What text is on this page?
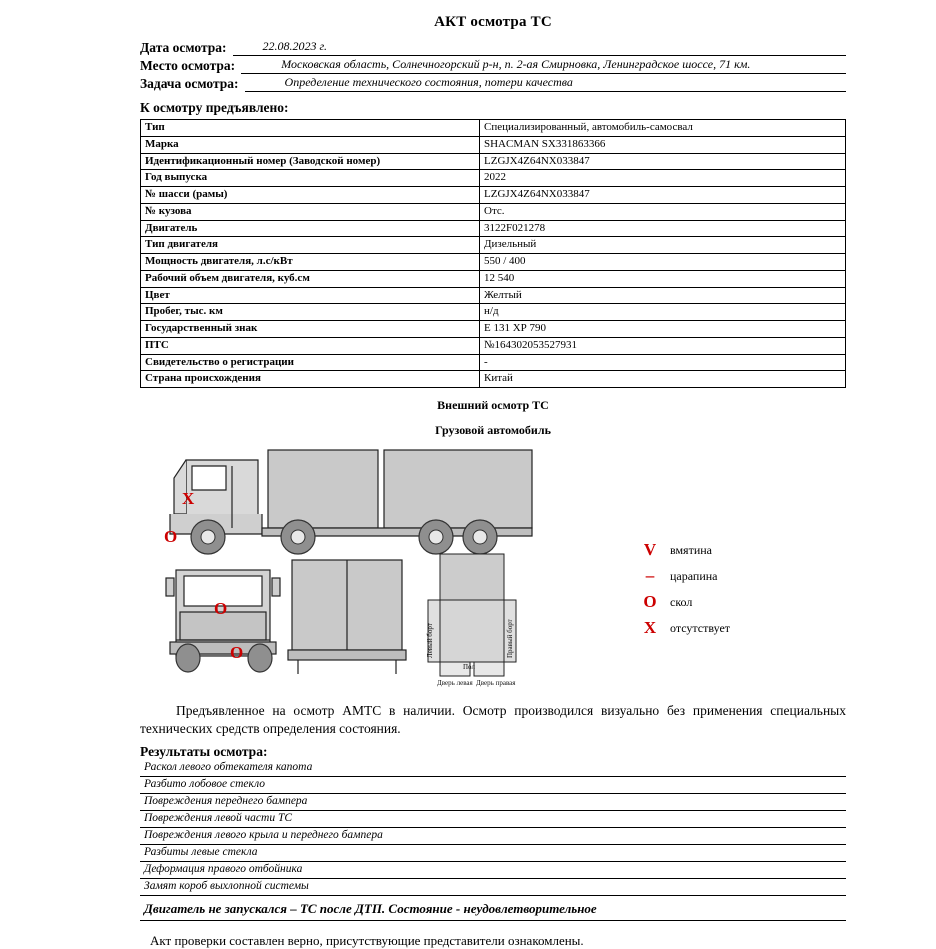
АКТ осмотра ТС
Дата осмотра:	22.08.2023 г.
Место осмотра:	Московская область, Солнечногорский р-н, п. 2-ая Смирновка, Ленинградское шоссе, 71 км.
Задача осмотра:	Определение технического состояния, потери качества
К осмотру предъявлено:
Тип	Специализированный, автомобиль-самосвал
Марка	SHACMAN SX331863366
Идентификационный номер (Заводской номер)	LZGJX4Z64NX033847
Год выпуска	2022
№ шасси (рамы)	LZGJX4Z64NX033847
№ кузова	Отс.
Двигатель	3122F021278
Тип двигателя	Дизельный
Мощность двигателя, л.с/кВт	550 / 400
Рабочий объем двигателя, куб.см	12 540
Цвет	Желтый
Пробег, тыс. км	н/д
Государственный знак	Е 131 ХР 790
ПТС	№164302053527931
Свидетельство о регистрации	-
Страна происхождения	Китай
Внешний осмотр ТС
Грузовой автомобиль
Левый борт	Правый борт
Пол
Дверь левая Дверь правая
X
O
O
O
V	вмятина
–	царапина
O	скол
X	отсутствует
Предъявленное на осмотр АМТС в наличии. Осмотр производился визуально без применения специальных технических средств определения состояния.
Результаты осмотра:
Раскол левого обтекателя капота
Разбито лобовое стекло
Повреждения переднего бампера
Повреждения левой части ТС
Повреждения левого крыла и переднего бампера
Разбиты левые стекла
Деформация правого отбойника
Замят короб выхлопной системы
Двигатель не запускался – ТС после ДТП. Состояние - неудовлетворительное
Акт проверки составлен верно, присутствующие представители ознакомлены.
